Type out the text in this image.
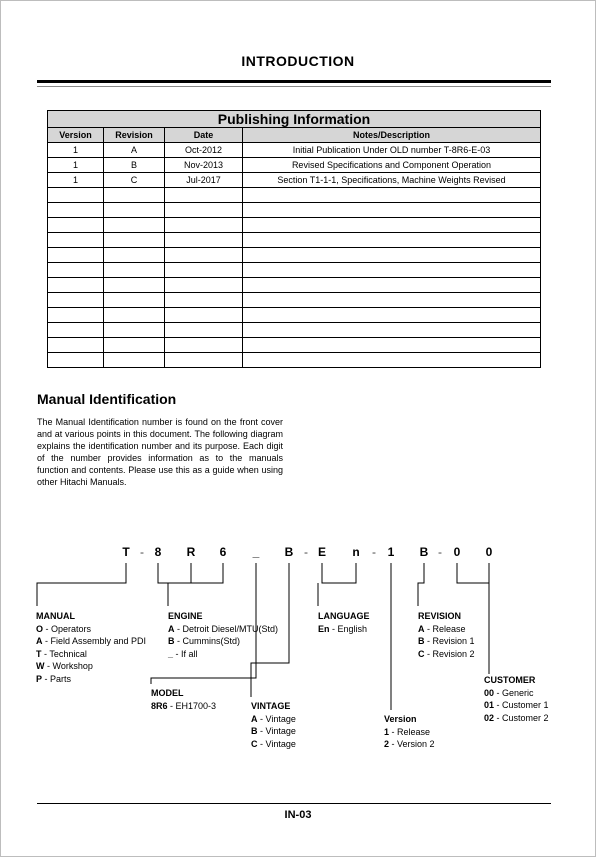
INTRODUCTION
Publishing Information			
Version	Revision	Date	Notes/Description
1	A	Oct-2012	Initial Publication Under OLD number T-8R6-E-03
1	B	Nov-2013	Revised Specifications and Component Operation
1	C	Jul-2017	Section T1-1-1, Specifications, Machine Weights Revised

Manual Identification
The Manual Identification number is found on the front cover and at various points in this document. The following diagram explains the identification number and its purpose. Each digit of the number provides information as to the manuals function and contents. Please use this as a guide when using other Hitachi Manuals.
T - 8	R	6	_	B - E n	- 1	B - 0	0
MANUAL
O - Operators
A - Field Assembly and PDI
T - Technical
W - Workshop
P - Parts
ENGINE
A - Detroit Diesel/MTU(Std)
B - Cummins(Std)
_ - If all
MODEL
8R6 - EH1700-3	VINTAGE
A - Vintage
B - Vintage
C - Vintage
LANGUAGE
En - English
Version
1 - Release
2 - Version 2
REVISION
A - Release
B - Revision 1
C - Revision 2
CUSTOMER
00 - Generic
01 - Customer 1
02 - Customer 2
IN-03
